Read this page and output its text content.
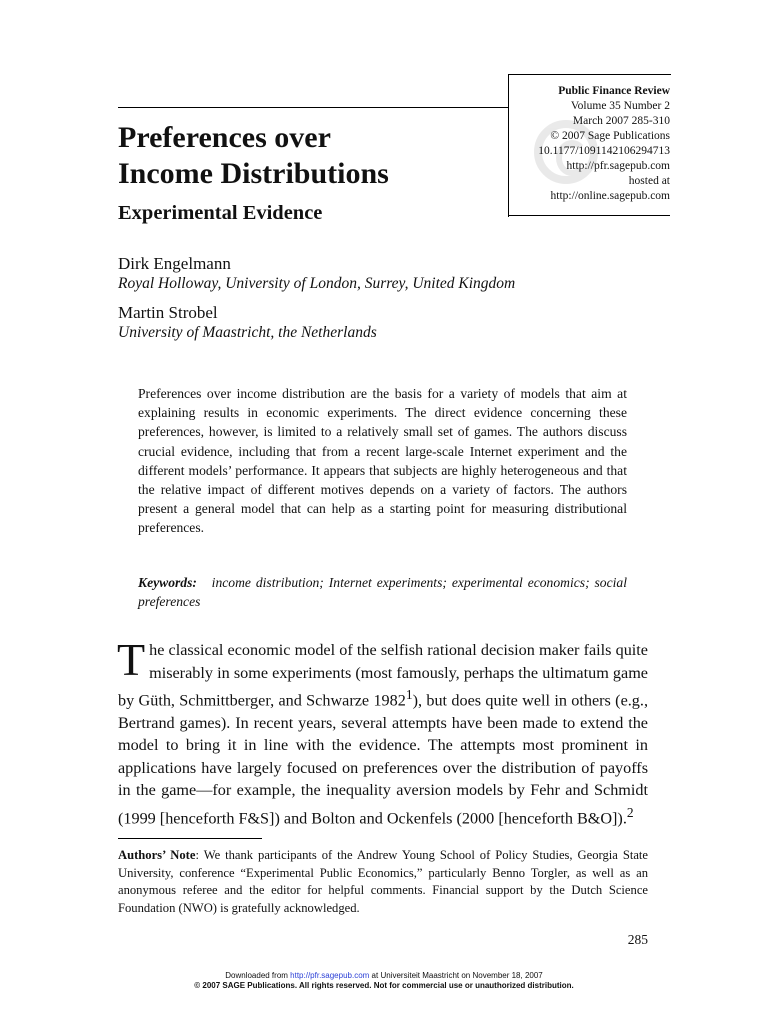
Public Finance Review
Volume 35 Number 2
March 2007 285-310
© 2007 Sage Publications
10.1177/1091142106294713
http://pfr.sagepub.com
hosted at
http://online.sagepub.com
Preferences over
Income Distributions
Experimental Evidence
Dirk Engelmann
Royal Holloway, University of London, Surrey, United Kingdom
Martin Strobel
University of Maastricht, the Netherlands

Preferences over income distribution are the basis for a variety of models that aim at explaining results in economic experiments. The direct evidence concerning these preferences, however, is limited to a relatively small set of games. The authors discuss crucial evidence, including that from a recent large-scale Internet experiment and the different models’ performance. It appears that subjects are highly heterogeneous and that the relative impact of different motives depends on a variety of factors. The authors present a general model that can help as a starting point for measuring distributional preferences.

Keywords: income distribution; Internet experiments; experimental economics; social preferences

The classical economic model of the selfish rational decision maker fails quite miserably in some experiments (most famously, perhaps the ultimatum game by Güth, Schmittberger, and Schwarze 1982$^1$), but does quite well in others (e.g., Bertrand games). In recent years, several attempts have been made to extend the model to bring it in line with the evidence. The attempts most prominent in applications have largely focused on preferences over the distribution of payoffs in the game—for example, the inequality aversion models by Fehr and Schmidt (1999 [henceforth F&S]) and Bolton and Ockenfels (2000 [henceforth B&O]).$^2$

Authors’ Note: We thank participants of the Andrew Young School of Policy Studies, Georgia State University, conference “Experimental Public Economics,” particularly Benno Torgler, as well as an anonymous referee and the editor for helpful comments. Financial support by the Dutch Science Foundation (NWO) is gratefully acknowledged.

285
Downloaded from http://pfr.sagepub.com at Universiteit Maastricht on November 18, 2007
© 2007 SAGE Publications. All rights reserved. Not for commercial use or unauthorized distribution.
